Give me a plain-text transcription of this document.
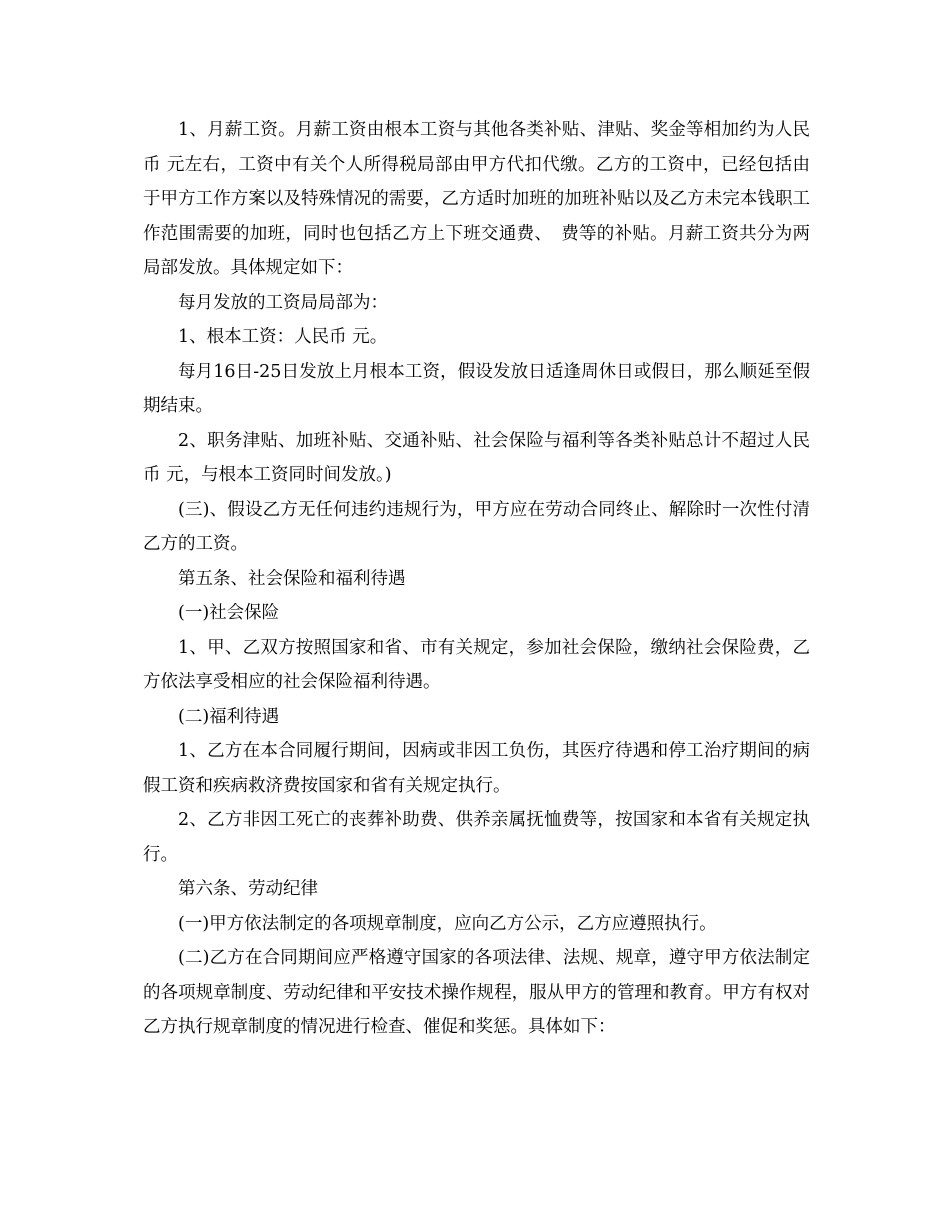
1、月薪工资。月薪工资由根本工资与其他各类补贴、津贴、奖金等相加约为人民币 元左右，工资中有关个人所得税局部由甲方代扣代缴。乙方的工资中，已经包括由于甲方工作方案以及特殊情况的需要，乙方适时加班的加班补贴以及乙方未完本钱职工作范围需要的加班，同时也包括乙方上下班交通费、　费等的补贴。月薪工资共分为两局部发放。具体规定如下：

每月发放的工资局局部为：

1、根本工资：人民币 元。

每月16日-25日发放上月根本工资，假设发放日适逢周休日或假日，那么顺延至假期结束。

2、职务津贴、加班补贴、交通补贴、社会保险与福利等各类补贴总计不超过人民币 元，与根本工资同时间发放。)

(三)、假设乙方无任何违约违规行为，甲方应在劳动合同终止、解除时一次性付清乙方的工资。

第五条、社会保险和福利待遇

(一)社会保险

1、甲、乙双方按照国家和省、市有关规定，参加社会保险，缴纳社会保险费，乙方依法享受相应的社会保险福利待遇。

(二)福利待遇

1、乙方在本合同履行期间，因病或非因工负伤，其医疗待遇和停工治疗期间的病假工资和疾病救济费按国家和省有关规定执行。

2、乙方非因工死亡的丧葬补助费、供养亲属抚恤费等，按国家和本省有关规定执行。

第六条、劳动纪律

(一)甲方依法制定的各项规章制度，应向乙方公示，乙方应遵照执行。

(二)乙方在合同期间应严格遵守国家的各项法律、法规、规章，遵守甲方依法制定的各项规章制度、劳动纪律和平安技术操作规程，服从甲方的管理和教育。甲方有权对乙方执行规章制度的情况进行检查、催促和奖惩。具体如下：
